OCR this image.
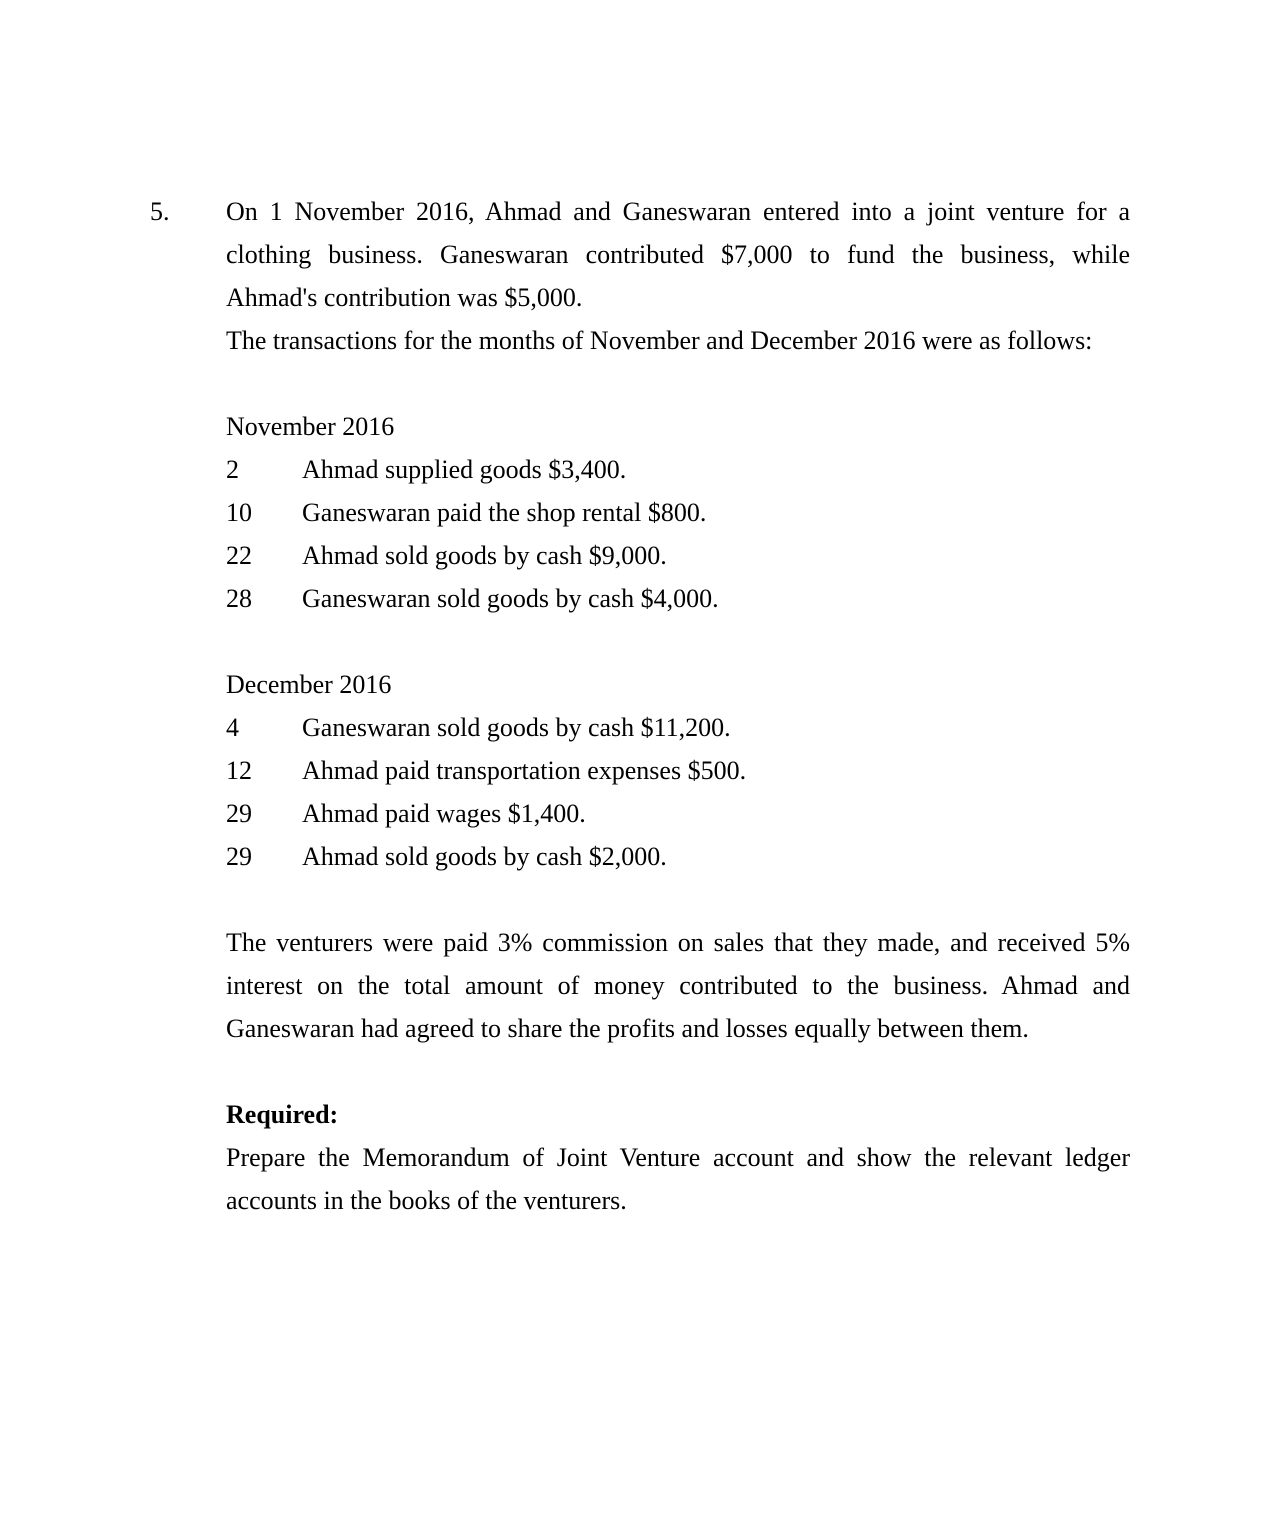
5. On 1 November 2016, Ahmad and Ganeswaran entered into a joint venture for a clothing business. Ganeswaran contributed $7,000 to fund the business, while Ahmad's contribution was $5,000.

The transactions for the months of November and December 2016 were as follows:

November 2016

2	Ahmad supplied goods $3,400.
10	Ganeswaran paid the shop rental $800.
22	Ahmad sold goods by cash $9,000.
28	Ganeswaran sold goods by cash $4,000.

December 2016

4	Ganeswaran sold goods by cash $11,200.
12	Ahmad paid transportation expenses $500.
29	Ahmad paid wages $1,400.
29	Ahmad sold goods by cash $2,000.

The venturers were paid 3% commission on sales that they made, and received 5% interest on the total amount of money contributed to the business. Ahmad and Ganeswaran had agreed to share the profits and losses equally between them.

Required:

Prepare the Memorandum of Joint Venture account and show the relevant ledger accounts in the books of the venturers.
